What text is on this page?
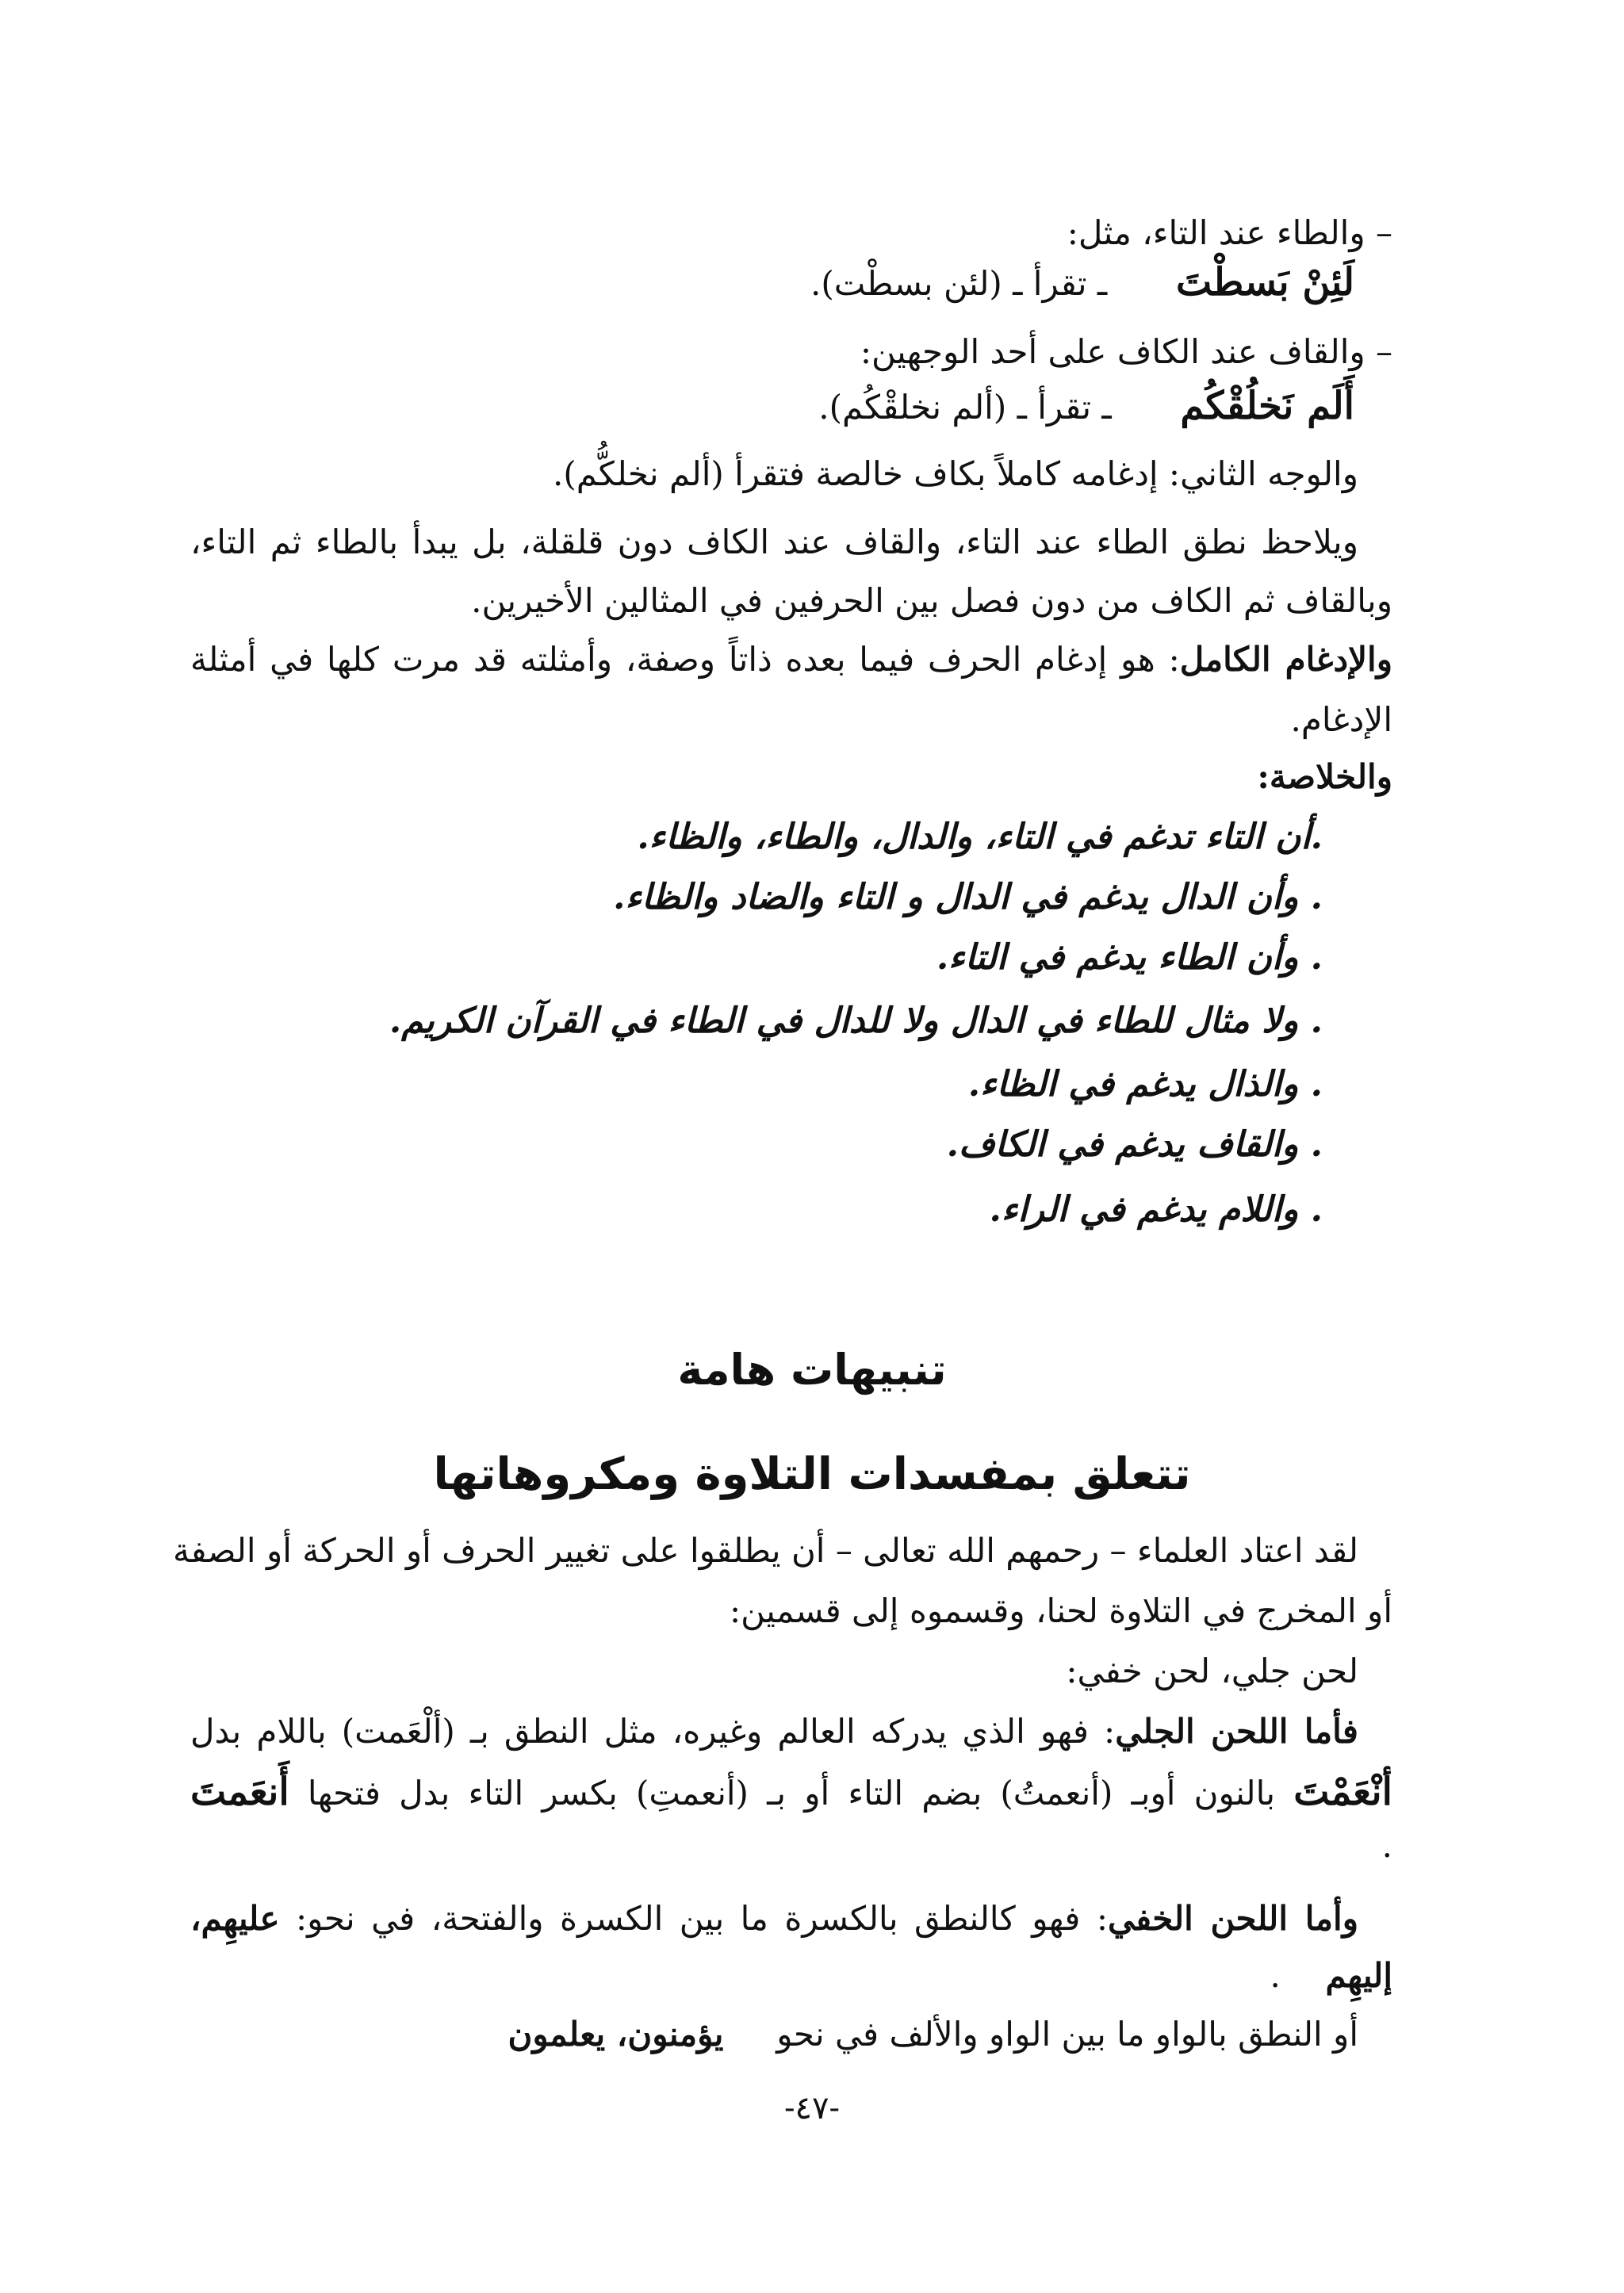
– والطاء عند التاء، مثل:
لَئِنْ بَسطْتَ  ـ تقرأ ـ (لئن بسطْت).
– والقاف عند الكاف على أحد الوجهين:
أَلَم نَخلُقْكُم  ـ تقرأ ـ (ألم نخلقْكُم).
والوجه الثاني: إدغامه كاملاً بكاف خالصة فتقرأ (ألم نخلكُّم).
ويلاحظ نطق الطاء عند التاء، والقاف عند الكاف دون قلقلة، بل يبدأ بالطاء ثم التاء،
وبالقاف ثم الكاف من دون فصل بين الحرفين في المثالين الأخيرين.
والإدغام الكامل: هو إدغام الحرف فيما بعده ذاتاً وصفة، وأمثلته قد مرت كلها في أمثلة
الإدغام.
والخلاصة:
.أن التاء تدغم في التاء، والدال، والطاء، والظاء.
. وأن الدال يدغم في الدال و التاء والضاد والظاء.
. وأن الطاء يدغم في التاء.
. ولا مثال للطاء في الدال ولا للدال في الطاء في القرآن الكريم.
. والذال يدغم في الظاء.
. والقاف يدغم في الكاف.
. واللام يدغم في الراء.
تنبيهات هامة
تتعلق بمفسدات التلاوة ومكروهاتها
لقد اعتاد العلماء – رحمهم الله تعالى – أن يطلقوا على تغيير الحرف أو الحركة أو الصفة
أو المخرج في التلاوة لحنا، وقسموه إلى قسمين:
لحن جلي، لحن خفي:
فأما اللحن الجلي: فهو الذي يدركه العالم وغيره، مثل النطق بـ (ألْعَمت) باللام بدل
أنْعَمْتَ بالنون أوبـ (أنعمتُ) بضم التاء أو بـ (أنعمتِ) بكسر التاء بدل فتحها أَنعَمتَ
.
وأما اللحن الخفي: فهو كالنطق بالكسرة ما بين الكسرة والفتحة، في نحو: عليهِم،
إليهِم  .
أو النطق بالواو ما بين الواو والألف في نحو  يؤمنون، يعلمون
-٤٧-
